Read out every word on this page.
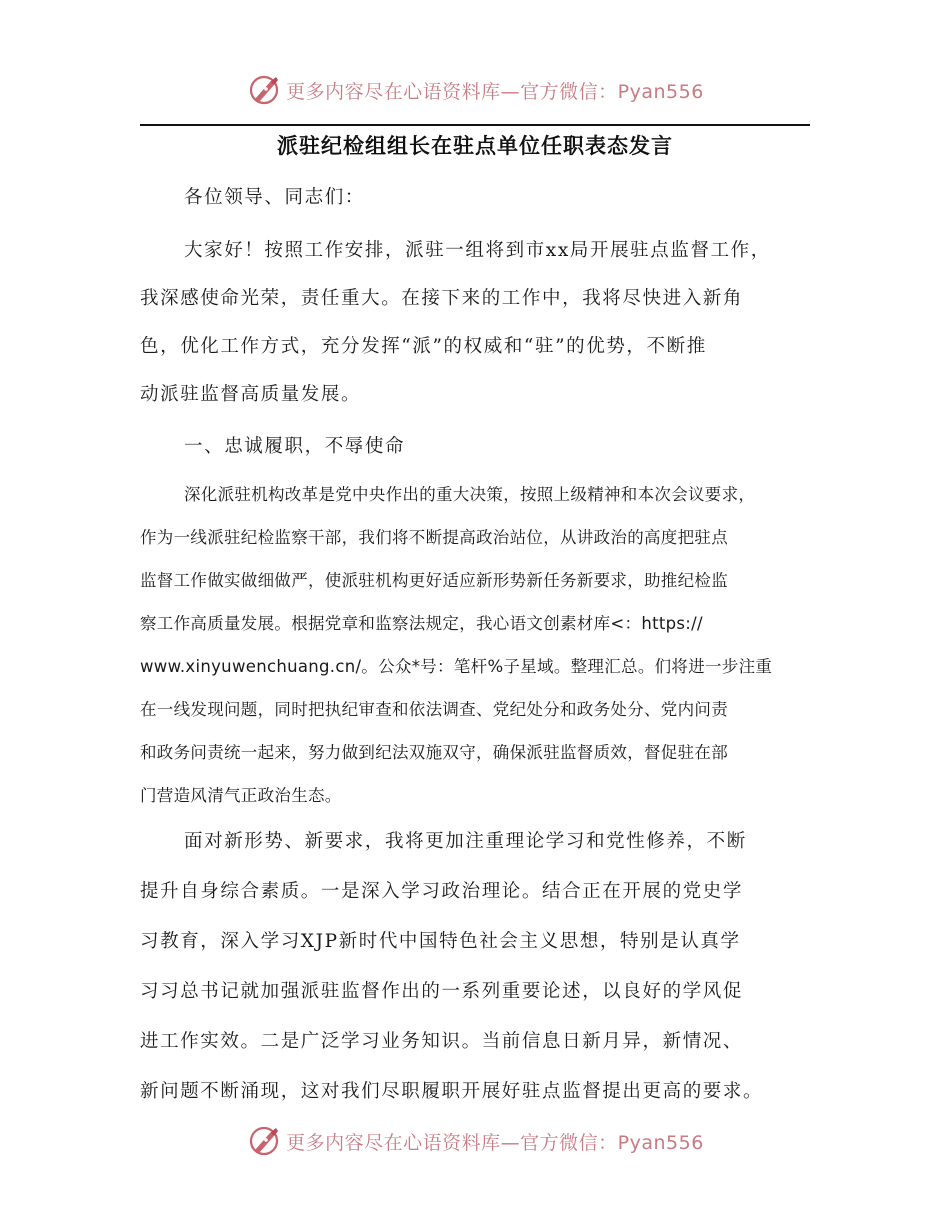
更多内容尽在心语资料库—官方微信：Pyan556
派驻纪检组组长在驻点单位任职表态发言

各位领导、同志们：

大家好！按照工作安排，派驻一组将到市xx局开展驻点监督工作，

我深感使命光荣，责任重大。在接下来的工作中，我将尽快进入新角

色，优化工作方式，充分发挥“派”的权威和“驻”的优势，不断推

动派驻监督高质量发展。

一、忠诚履职，不辱使命

深化派驻机构改革是党中央作出的重大决策，按照上级精神和本次会议要求，

作为一线派驻纪检监察干部，我们将不断提高政治站位，从讲政治的高度把驻点

监督工作做实做细做严，使派驻机构更好适应新形势新任务新要求，助推纪检监

察工作高质量发展。根据党章和监察法规定，我心语文创素材库<：https://

www.xinyuwenchuang.cn/。公众*号：笔杆%子星域。整理汇总。们将进一步注重

在一线发现问题，同时把执纪审查和依法调查、党纪处分和政务处分、党内问责

和政务问责统一起来，努力做到纪法双施双守，确保派驻监督质效，督促驻在部

门营造风清气正政治生态。

面对新形势、新要求，我将更加注重理论学习和党性修养，不断

提升自身综合素质。一是深入学习政治理论。结合正在开展的党史学

习教育，深入学习XJP新时代中国特色社会主义思想，特别是认真学

习习总书记就加强派驻监督作出的一系列重要论述，以良好的学风促

进工作实效。二是广泛学习业务知识。当前信息日新月异，新情况、

新问题不断涌现，这对我们尽职履职开展好驻点监督提出更高的要求。

更多内容尽在心语资料库—官方微信：Pyan556
